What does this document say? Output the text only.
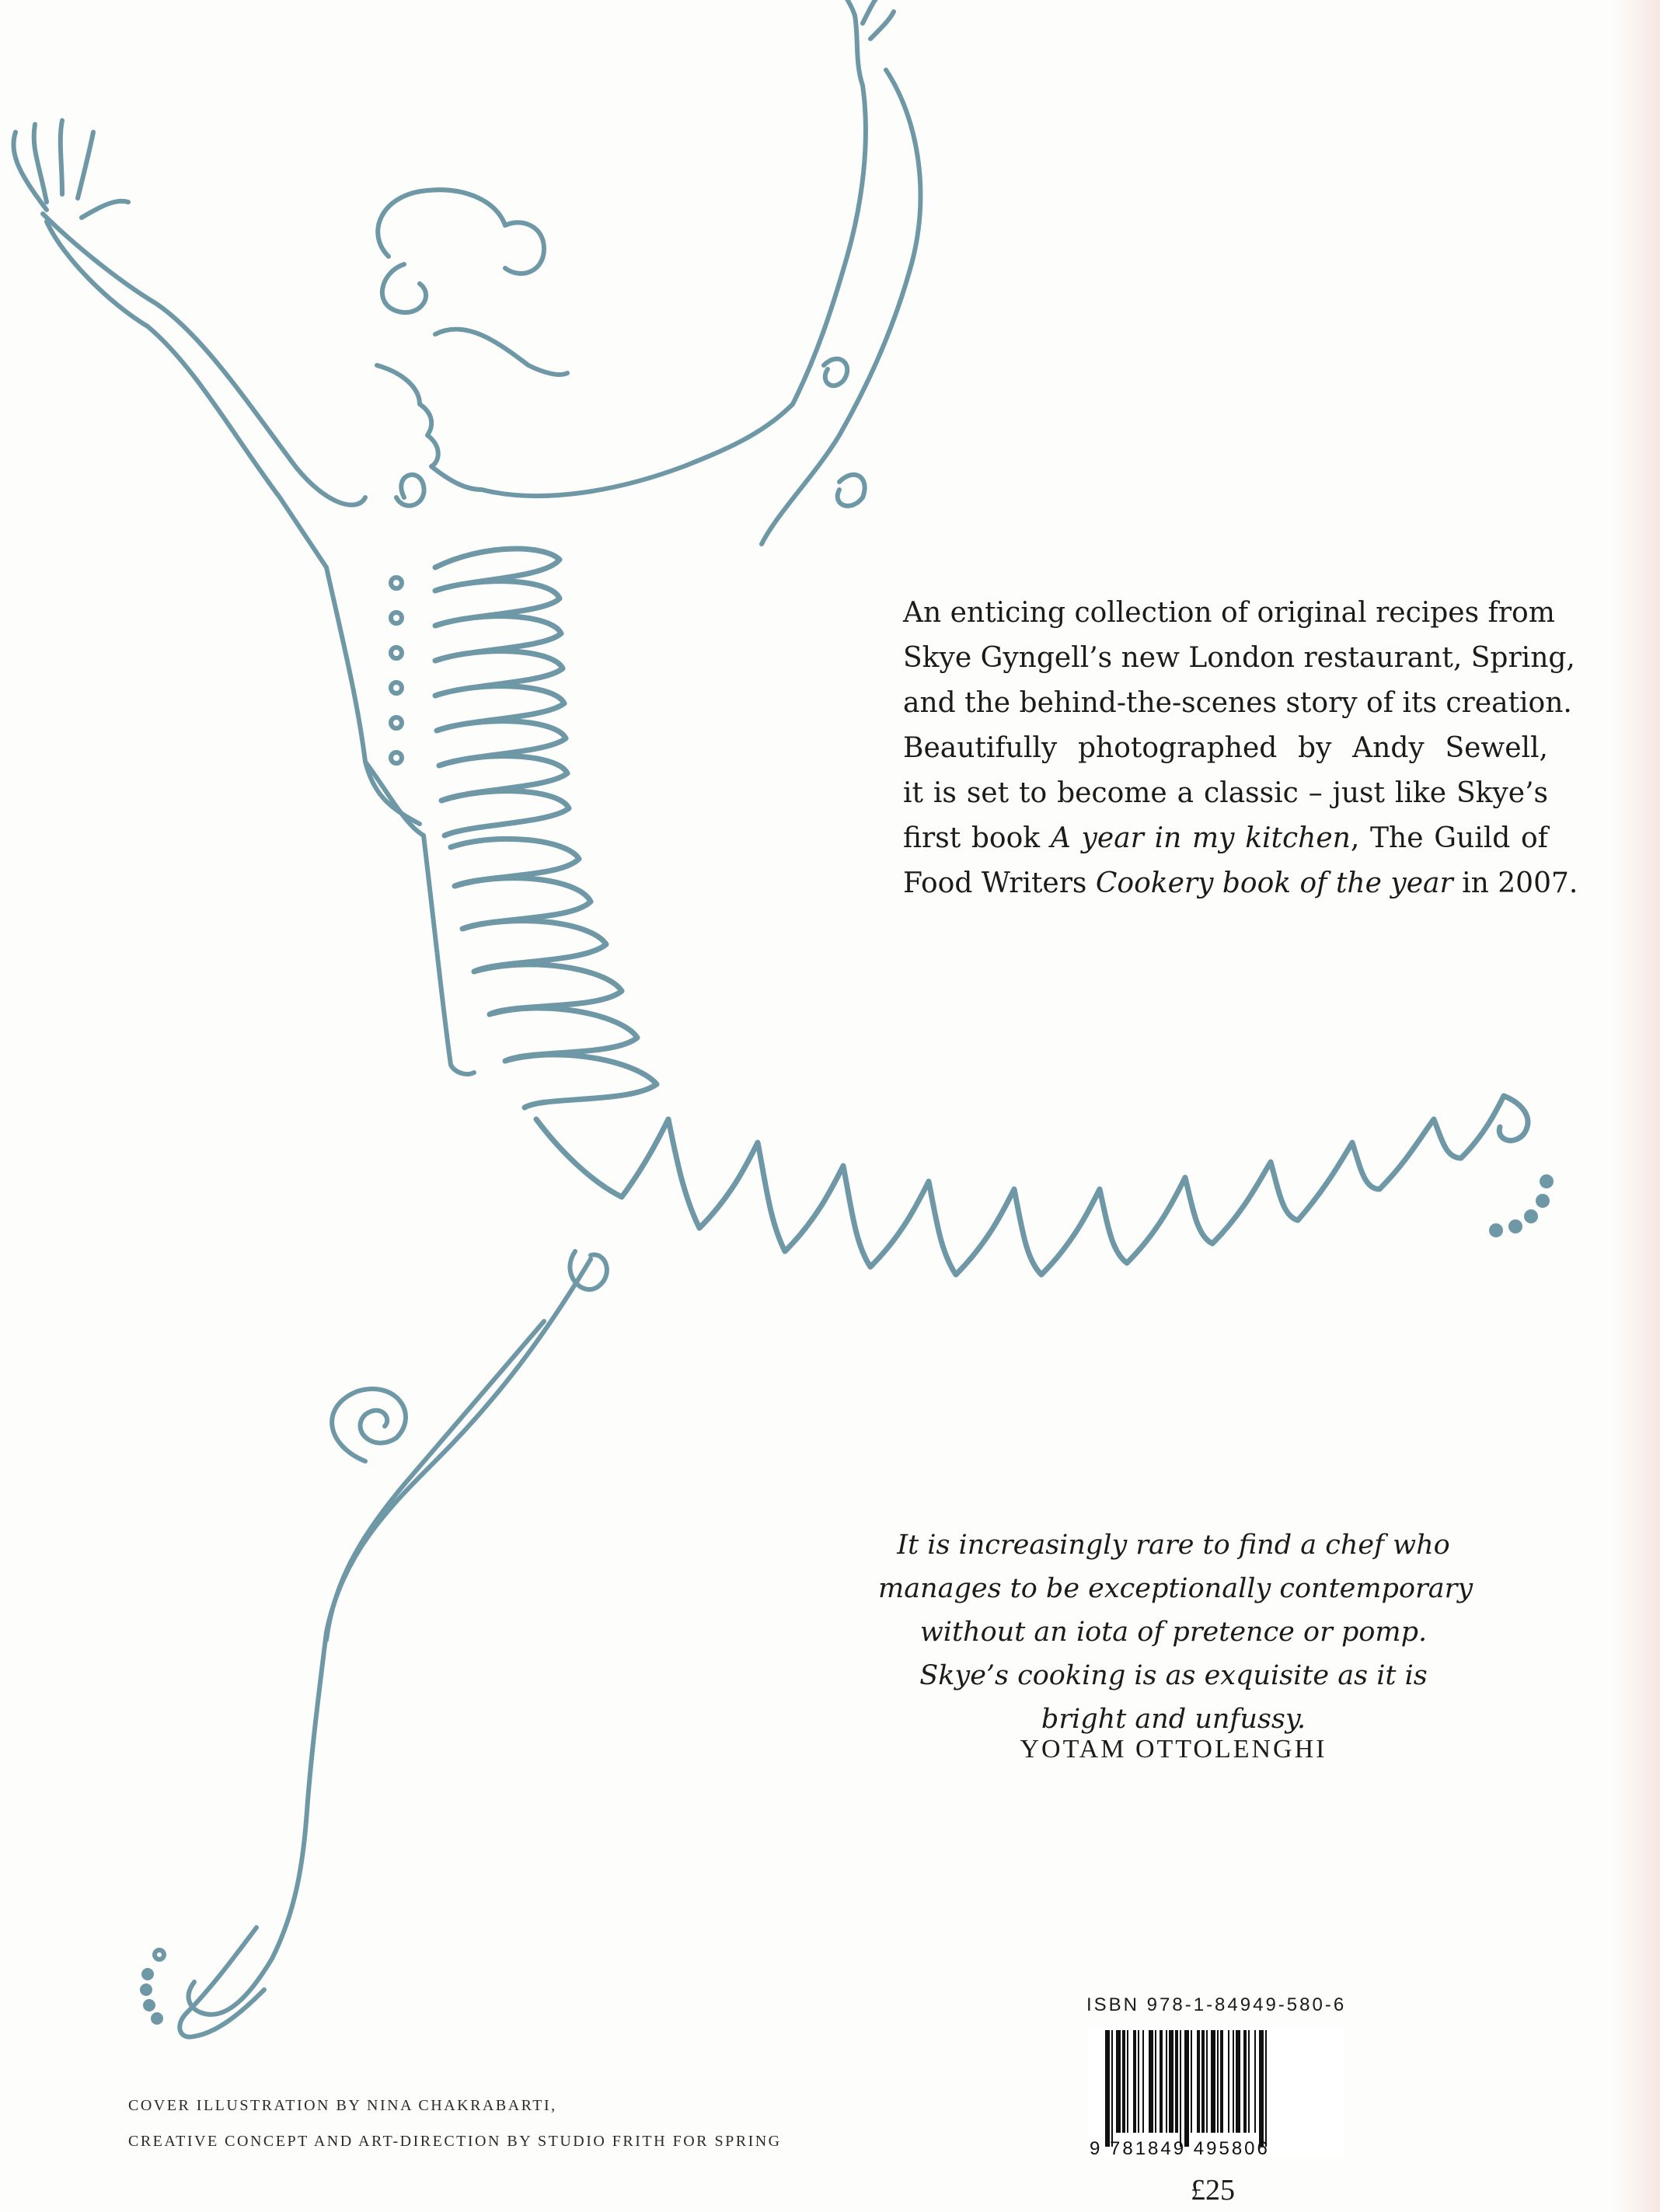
An enticing collection of original recipes from
Skye Gyngell’s new London restaurant, Spring,
and the behind-the-scenes story of its creation.
Beautifully photographed by Andy Sewell,
it is set to become a classic – just like Skye’s
first book A year in my kitchen, The Guild of
Food Writers Cookery book of the year in 2007.
It is increasingly rare to find a chef who
manages to be exceptionally contemporary
without an iota of pretence or pomp.
Skye’s cooking is as exquisite as it is
bright and unfussy.
YOTAM OTTOLENGHI
COVER ILLUSTRATION BY NINA CHAKRABARTI,
CREATIVE CONCEPT AND ART-DIRECTION BY STUDIO FRITH FOR SPRING
ISBN 978-1-84949-580-6
9 781849 495806
£25
